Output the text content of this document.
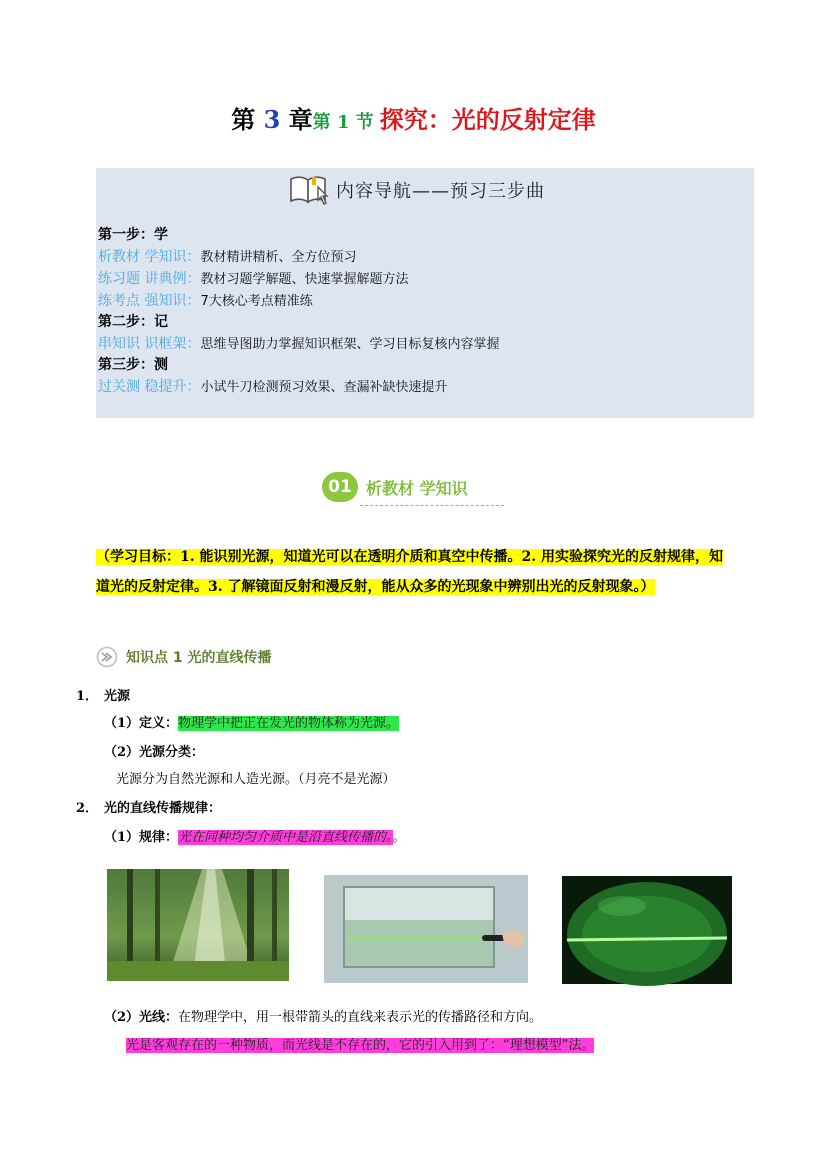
第 3 章第 1 节 探究：光的反射定律
内容导航——预习三步曲
第一步：学
析教材 学知识：教材精讲精析、全方位预习
练习题 讲典例：教材习题学解题、快速掌握解题方法
练考点 强知识：7大核心考点精准练
第二步：记
串知识 识框架：思维导图助力掌握知识框架、学习目标复核内容掌握
第三步：测
过关测 稳提升：小试牛刀检测预习效果、查漏补缺快速提升
01 析教材 学知识
（学习目标：1. 能识别光源，知道光可以在透明介质和真空中传播。2. 用实验探究光的反射规律，知
道光的反射定律。3. 了解镜面反射和漫反射，能从众多的光现象中辨别出光的反射现象。）
知识点 1 光的直线传播
1． 光源
（1）定义：物理学中把正在发光的物体称为光源。
（2）光源分类：
光源分为自然光源和人造光源。（月亮不是光源）
2． 光的直线传播规律：
（1）规律：光在同种均匀介质中是沿直线传播的。。
（2）光线：在物理学中，用一根带箭头的直线来表示光的传播路径和方向。
光是客观存在的一种物质，而光线是不存在的，它的引入用到了：“理想模型”法。
